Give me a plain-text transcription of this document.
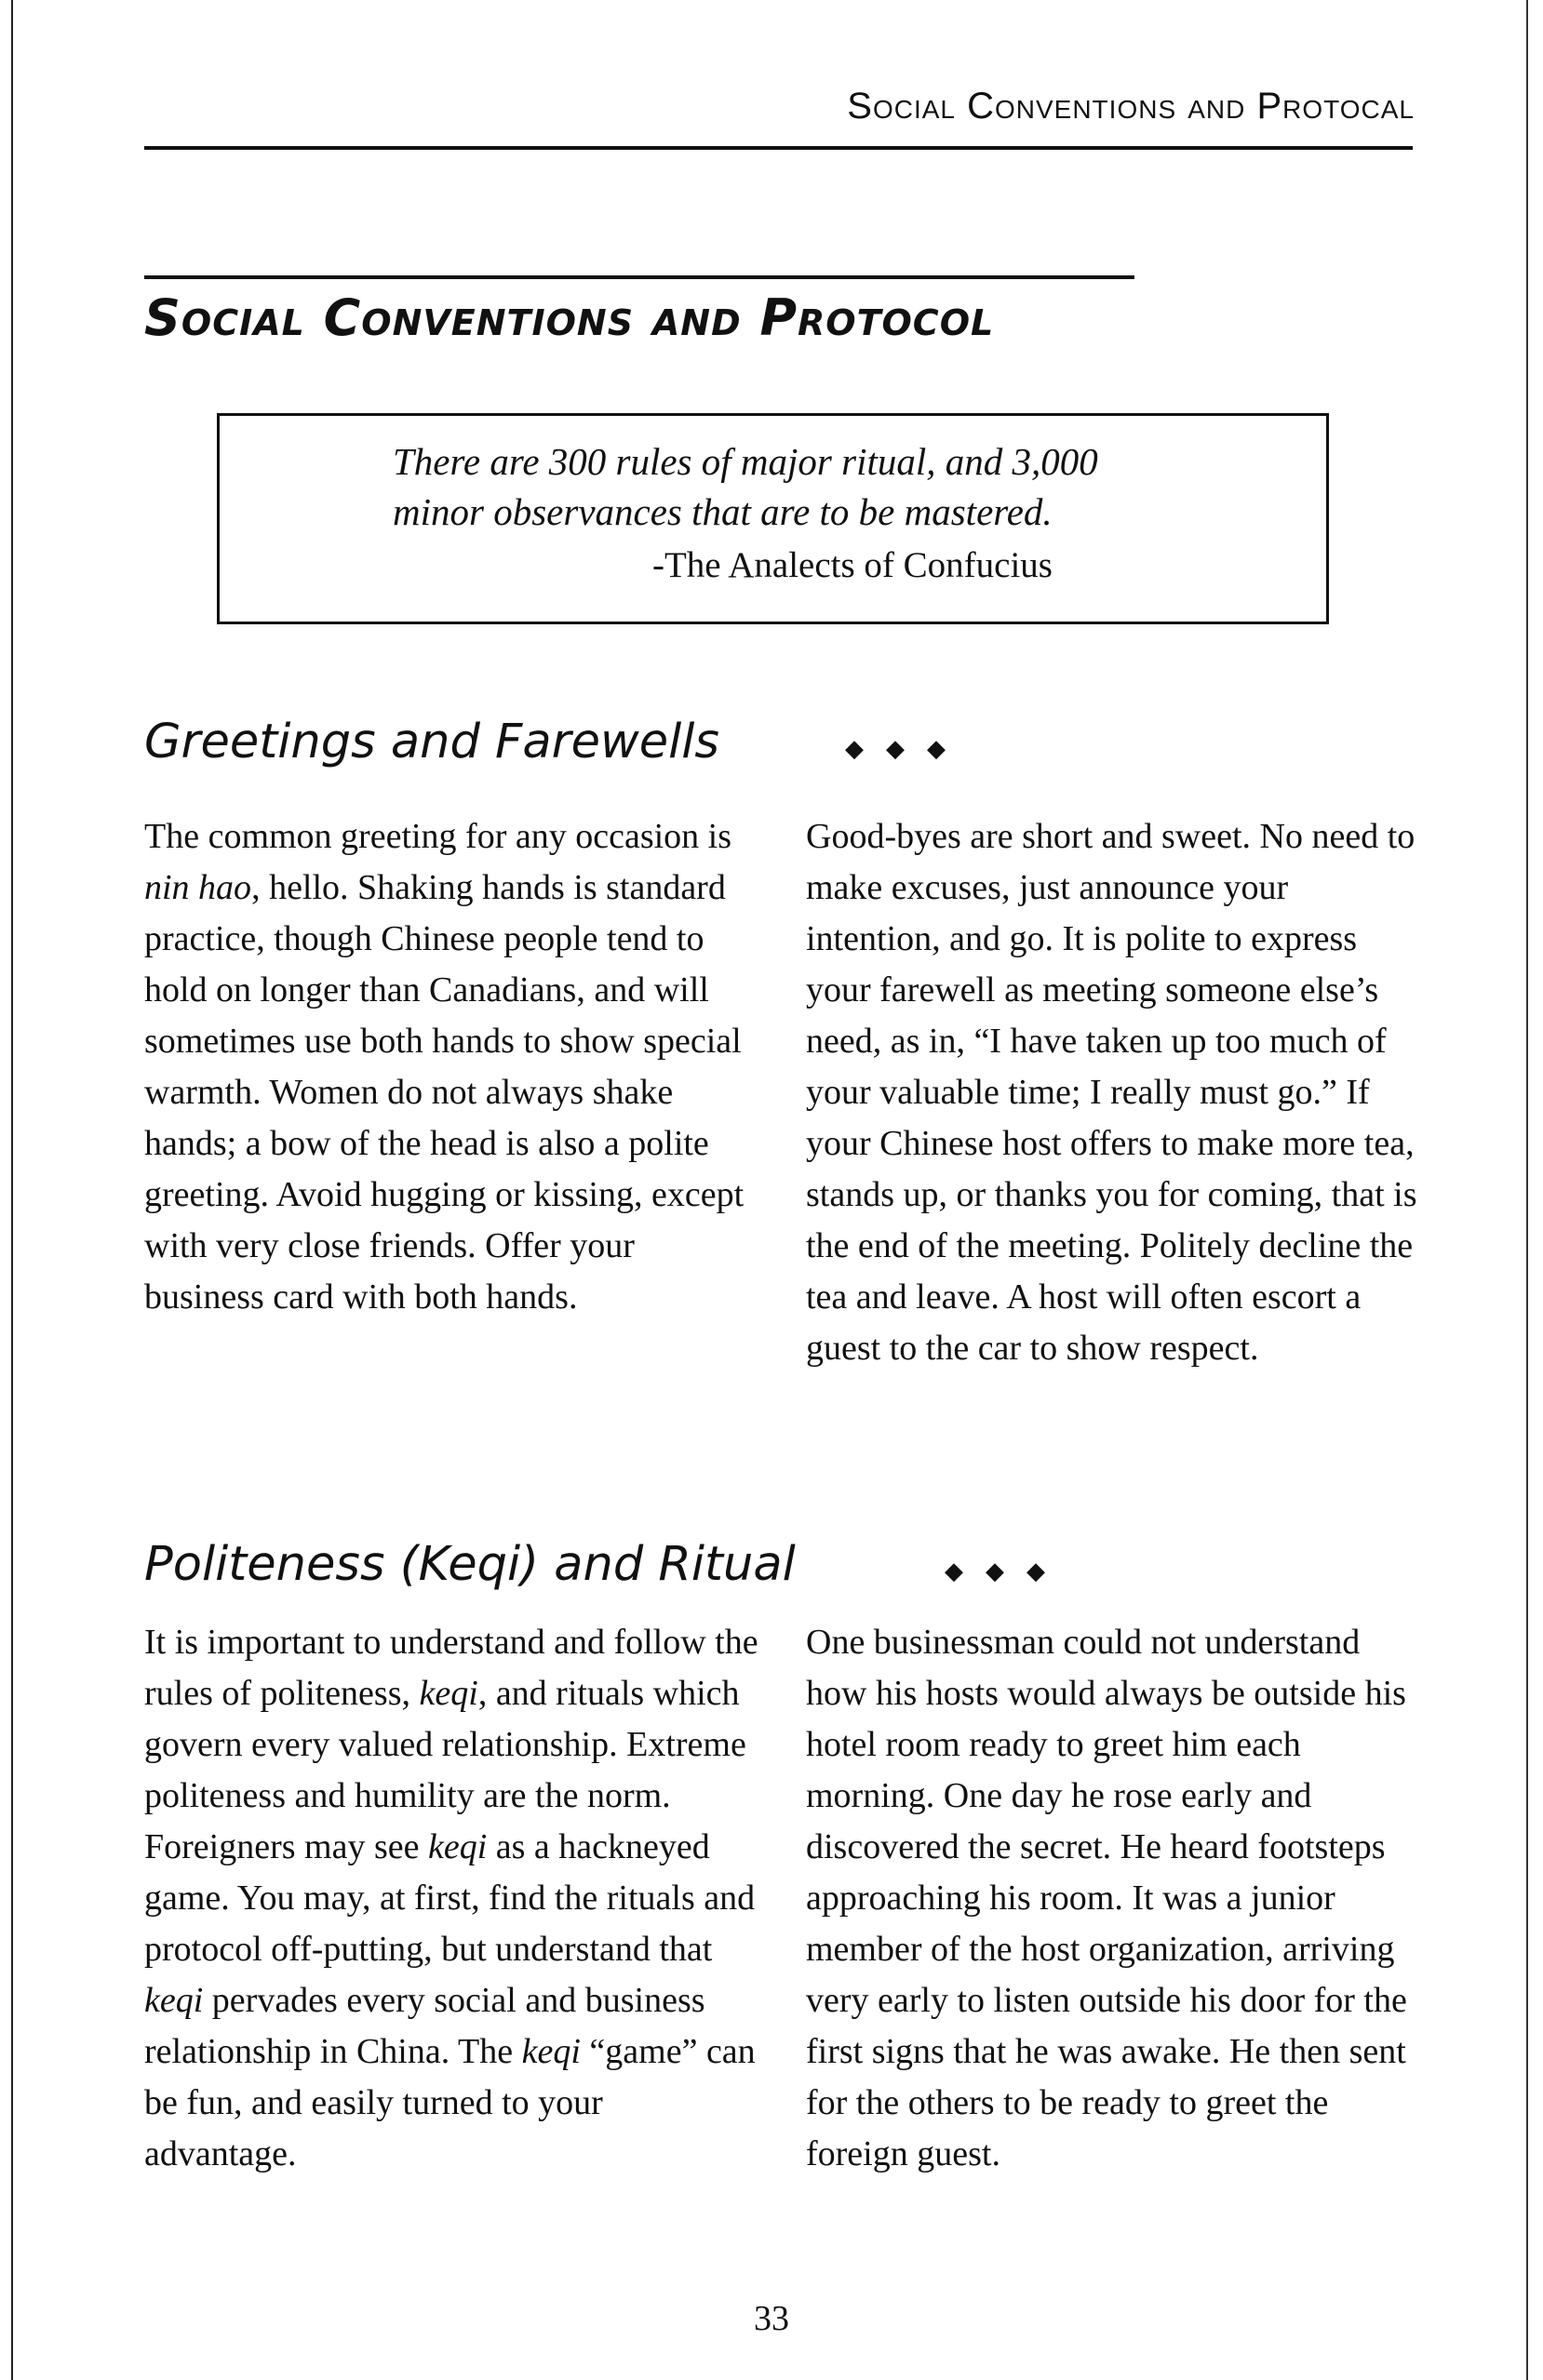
Social Conventions and Protocal
Social Conventions and Protocol
There are 300 rules of major ritual, and 3,000 minor observances that are to be mastered.
-The Analects of Confucius
Greetings and Farewells	◆◆◆
The common greeting for any occasion is nin hao, hello. Shaking hands is standard practice, though Chinese people tend to hold on longer than Canadians, and will sometimes use both hands to show special warmth. Women do not always shake hands; a bow of the head is also a polite greeting. Avoid hugging or kissing, except with very close friends. Offer your business card with both hands.
Good-byes are short and sweet. No need to make excuses, just announce your intention, and go. It is polite to express your farewell as meeting someone else’s need, as in, “I have taken up too much of your valuable time; I really must go.” If your Chinese host offers to make more tea, stands up, or thanks you for coming, that is the end of the meeting. Politely decline the tea and leave. A host will often escort a guest to the car to show respect.
Politeness (Keqi) and Ritual	◆◆◆
It is important to understand and follow the rules of politeness, keqi, and rituals which govern every valued relationship. Extreme politeness and humility are the norm. Foreigners may see keqi as a hackneyed game. You may, at first, find the rituals and protocol off-putting, but understand that keqi pervades every social and business relationship in China. The keqi “game” can be fun, and easily turned to your advantage.
One businessman could not understand how his hosts would always be outside his hotel room ready to greet him each morning. One day he rose early and discovered the secret. He heard footsteps approaching his room. It was a junior member of the host organization, arriving very early to listen outside his door for the first signs that he was awake. He then sent for the others to be ready to greet the foreign guest.
33
